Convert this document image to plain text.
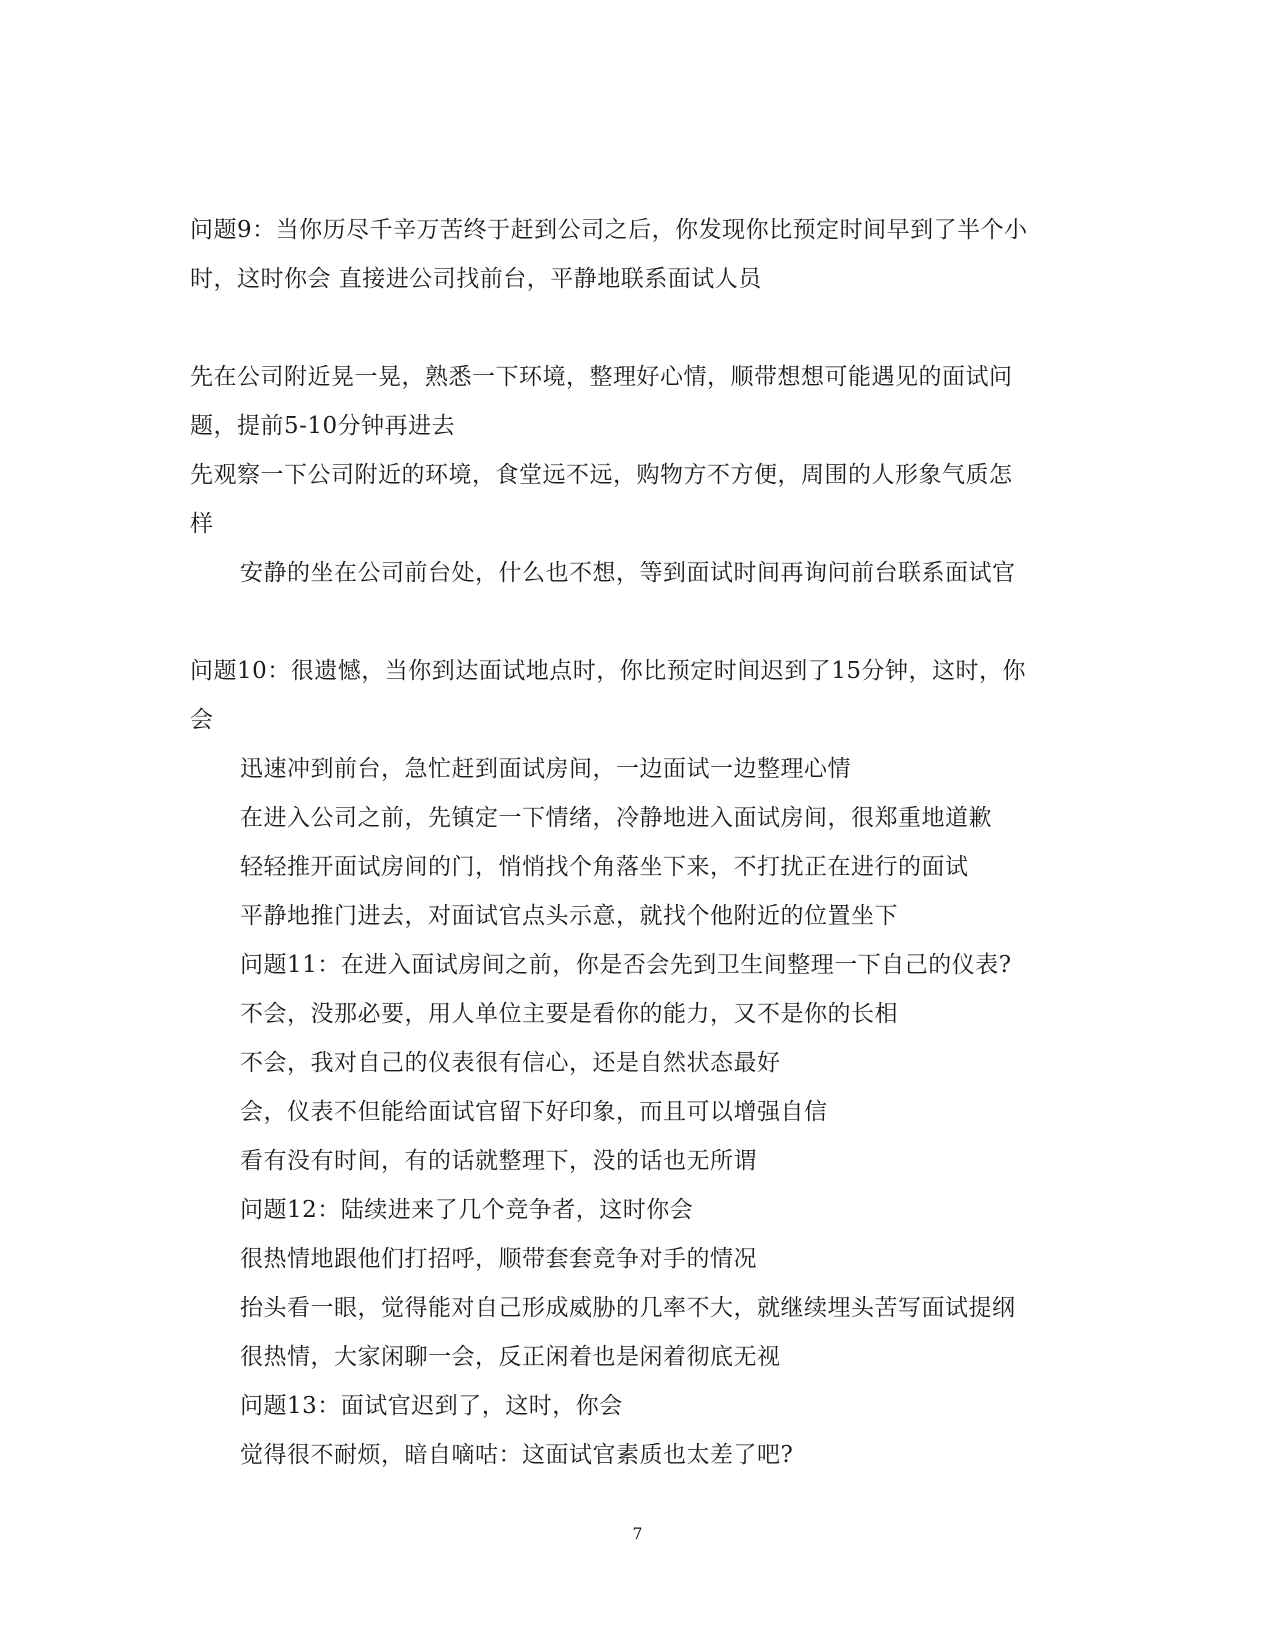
问题9：当你历尽千辛万苦终于赶到公司之后，你发现你比预定时间早到了半个小
时，这时你会 直接进公司找前台，平静地联系面试人员
先在公司附近晃一晃，熟悉一下环境，整理好心情，顺带想想可能遇见的面试问
题，提前5-10分钟再进去
先观察一下公司附近的环境，食堂远不远，购物方不方便，周围的人形象气质怎
样
安静的坐在公司前台处，什么也不想，等到面试时间再询问前台联系面试官
问题10：很遗憾，当你到达面试地点时，你比预定时间迟到了15分钟，这时，你
会
迅速冲到前台，急忙赶到面试房间，一边面试一边整理心情
在进入公司之前，先镇定一下情绪，冷静地进入面试房间，很郑重地道歉
轻轻推开面试房间的门，悄悄找个角落坐下来，不打扰正在进行的面试
平静地推门进去，对面试官点头示意，就找个他附近的位置坐下
问题11：在进入面试房间之前，你是否会先到卫生间整理一下自己的仪表?
不会，没那必要，用人单位主要是看你的能力，又不是你的长相
不会，我对自己的仪表很有信心，还是自然状态最好
会，仪表不但能给面试官留下好印象，而且可以增强自信
看有没有时间，有的话就整理下，没的话也无所谓
问题12：陆续进来了几个竞争者，这时你会
很热情地跟他们打招呼，顺带套套竞争对手的情况
抬头看一眼，觉得能对自己形成威胁的几率不大，就继续埋头苦写面试提纲
很热情，大家闲聊一会，反正闲着也是闲着彻底无视
问题13：面试官迟到了，这时，你会
觉得很不耐烦，暗自嘀咕：这面试官素质也太差了吧?
7
